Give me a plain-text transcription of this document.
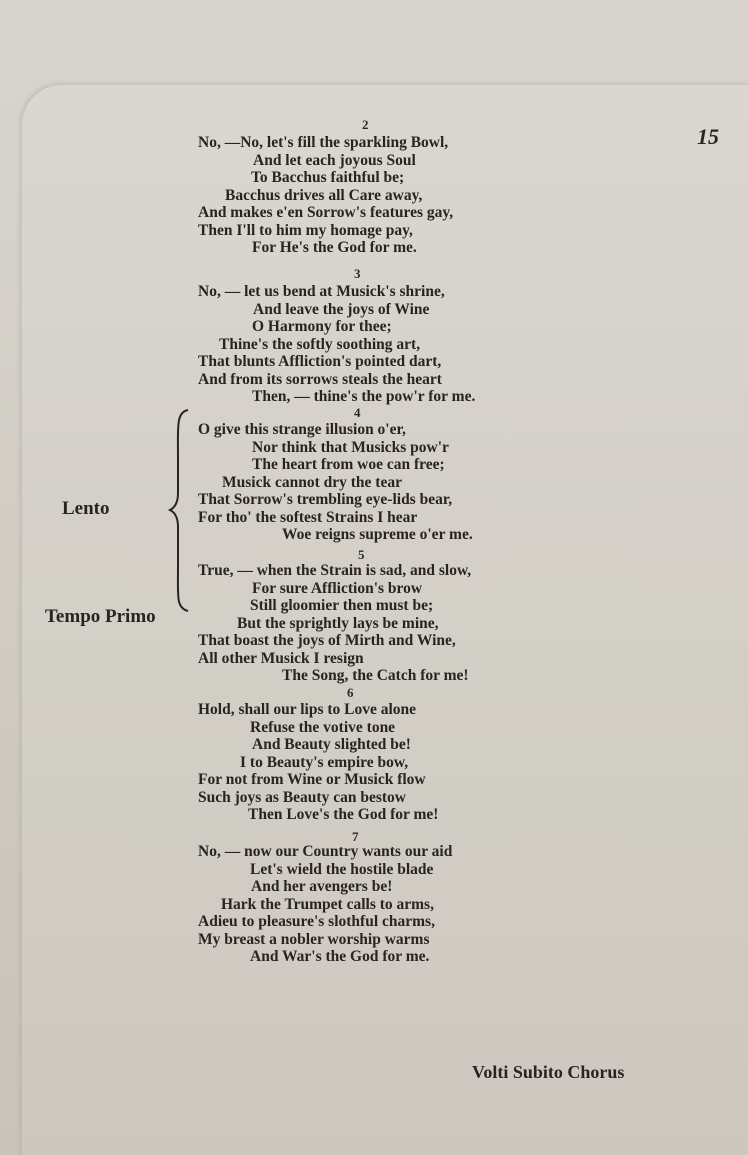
15
2
No, —No, let's fill the sparkling Bowl,
And let each joyous Soul
To Bacchus faithful be;
Bacchus drives all Care away,
And makes e'en Sorrow's features gay,
Then I'll to him my homage pay,
For He's the God for me.
3
No, — let us bend at Musick's shrine,
And leave the joys of Wine
O Harmony for thee;
Thine's the softly soothing art,
That blunts Affliction's pointed dart,
And from its sorrows steals the heart
Then, — thine's the pow'r for me.
4
O give this strange illusion o'er,
Nor think that Musicks pow'r
The heart from woe can free;
Musick cannot dry the tear
That Sorrow's trembling eye-lids bear,
For tho' the softest Strains I hear
Woe reigns supreme o'er me.
5
True, — when the Strain is sad, and slow,
For sure Affliction's brow
Still gloomier then must be;
But the sprightly lays be mine,
That boast the joys of Mirth and Wine,
All other Musick I resign
The Song, the Catch for me!
6
Hold, shall our lips to Love alone
Refuse the votive tone
And Beauty slighted be!
I to Beauty's empire bow,
For not from Wine or Musick flow
Such joys as Beauty can bestow
Then Love's the God for me!
7
No, — now our Country wants our aid
Let's wield the hostile blade
And her avengers be!
Hark the Trumpet calls to arms,
Adieu to pleasure's slothful charms,
My breast a nobler worship warms
And War's the God for me.
Lento
Tempo Primo
Volti Subito Chorus
